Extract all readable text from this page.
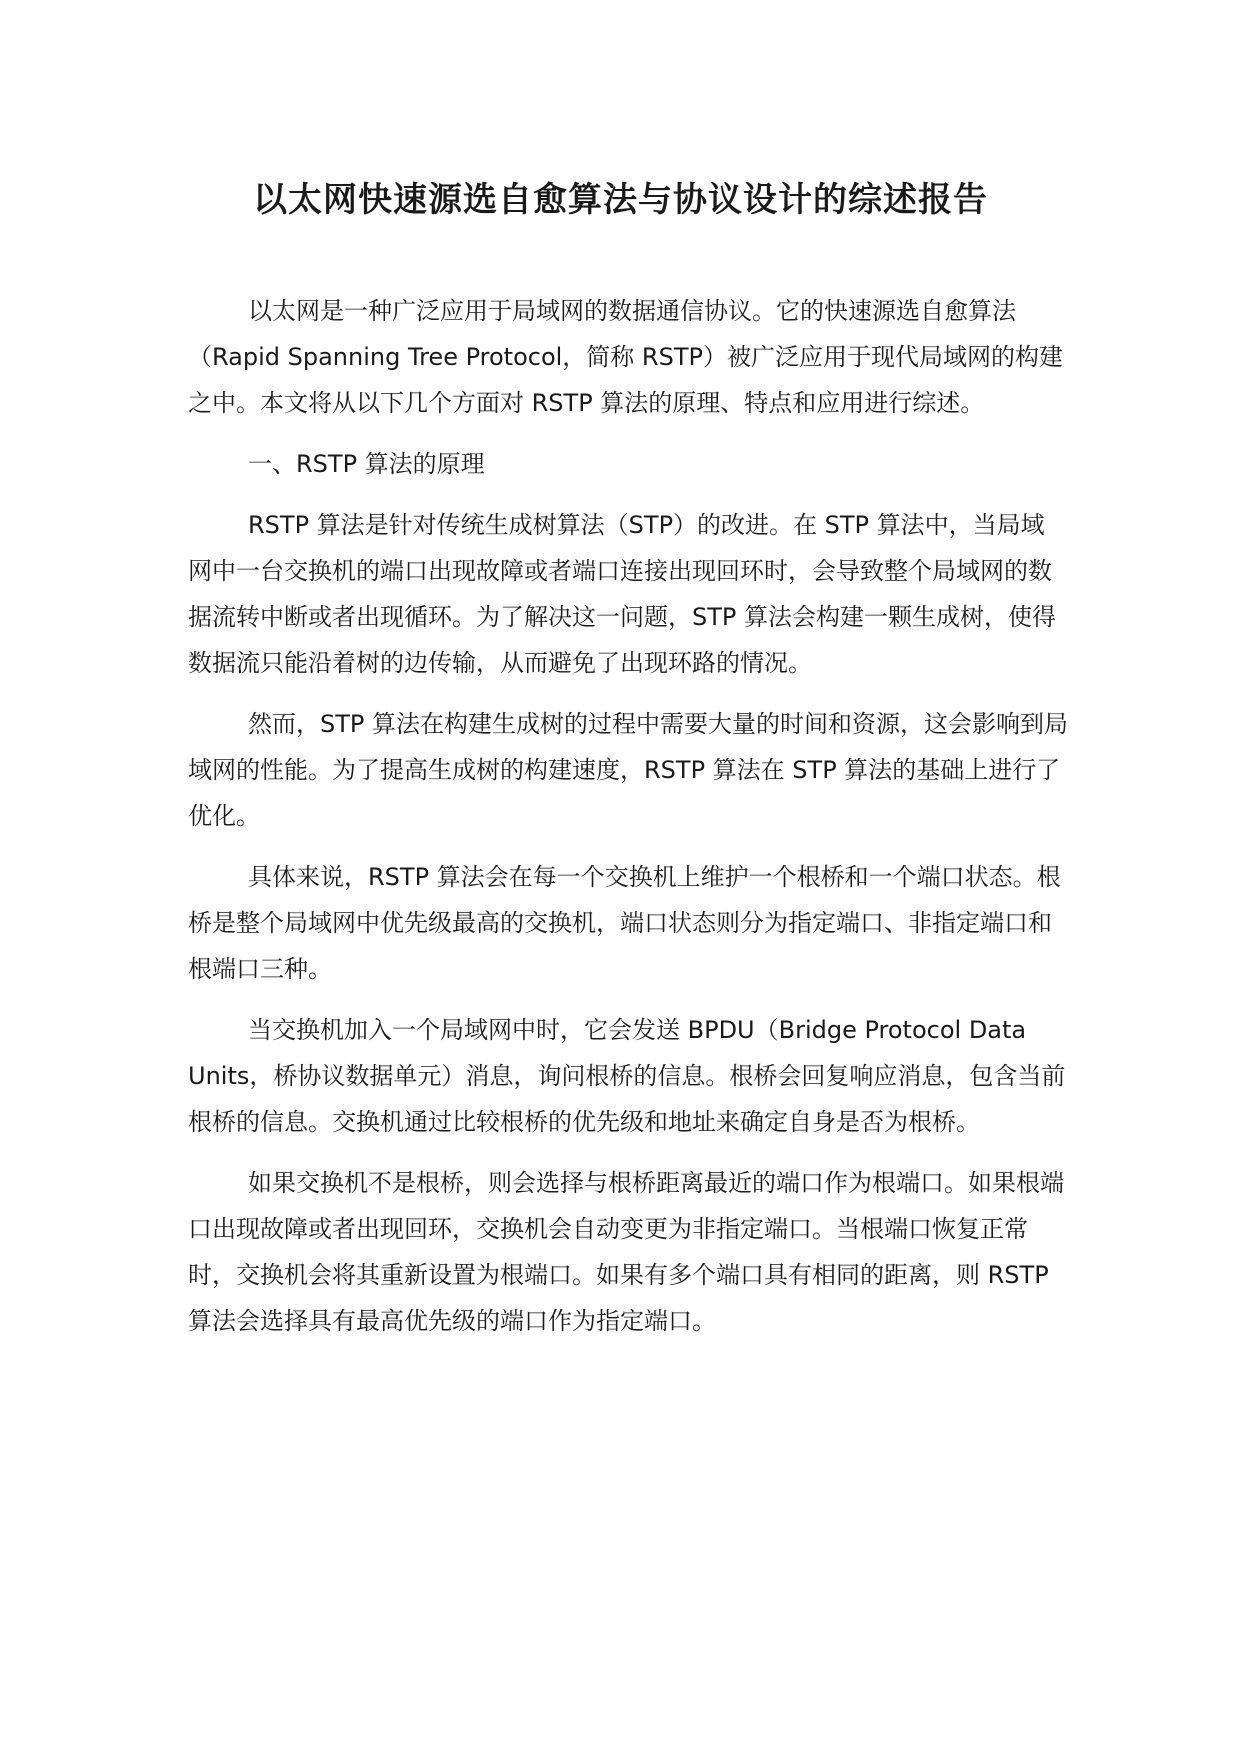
以太网快速源选自愈算法与协议设计的综述报告

以太网是一种广泛应用于局域网的数据通信协议。它的快速源选自愈算法（Rapid Spanning Tree Protocol，简称 RSTP）被广泛应用于现代局域网的构建之中。本文将从以下几个方面对 RSTP 算法的原理、特点和应用进行综述。

一、RSTP 算法的原理

RSTP 算法是针对传统生成树算法（STP）的改进。在 STP 算法中，当局域网中一台交换机的端口出现故障或者端口连接出现回环时，会导致整个局域网的数据流转中断或者出现循环。为了解决这一问题，STP 算法会构建一颗生成树，使得数据流只能沿着树的边传输，从而避免了出现环路的情况。

然而，STP 算法在构建生成树的过程中需要大量的时间和资源，这会影响到局域网的性能。为了提高生成树的构建速度，RSTP 算法在 STP 算法的基础上进行了优化。

具体来说，RSTP 算法会在每一个交换机上维护一个根桥和一个端口状态。根桥是整个局域网中优先级最高的交换机，端口状态则分为指定端口、非指定端口和根端口三种。

当交换机加入一个局域网中时，它会发送 BPDU（Bridge Protocol Data Units，桥协议数据单元）消息，询问根桥的信息。根桥会回复响应消息，包含当前根桥的信息。交换机通过比较根桥的优先级和地址来确定自身是否为根桥。

如果交换机不是根桥，则会选择与根桥距离最近的端口作为根端口。如果根端口出现故障或者出现回环，交换机会自动变更为非指定端口。当根端口恢复正常时，交换机会将其重新设置为根端口。如果有多个端口具有相同的距离，则 RSTP 算法会选择具有最高优先级的端口作为指定端口。
